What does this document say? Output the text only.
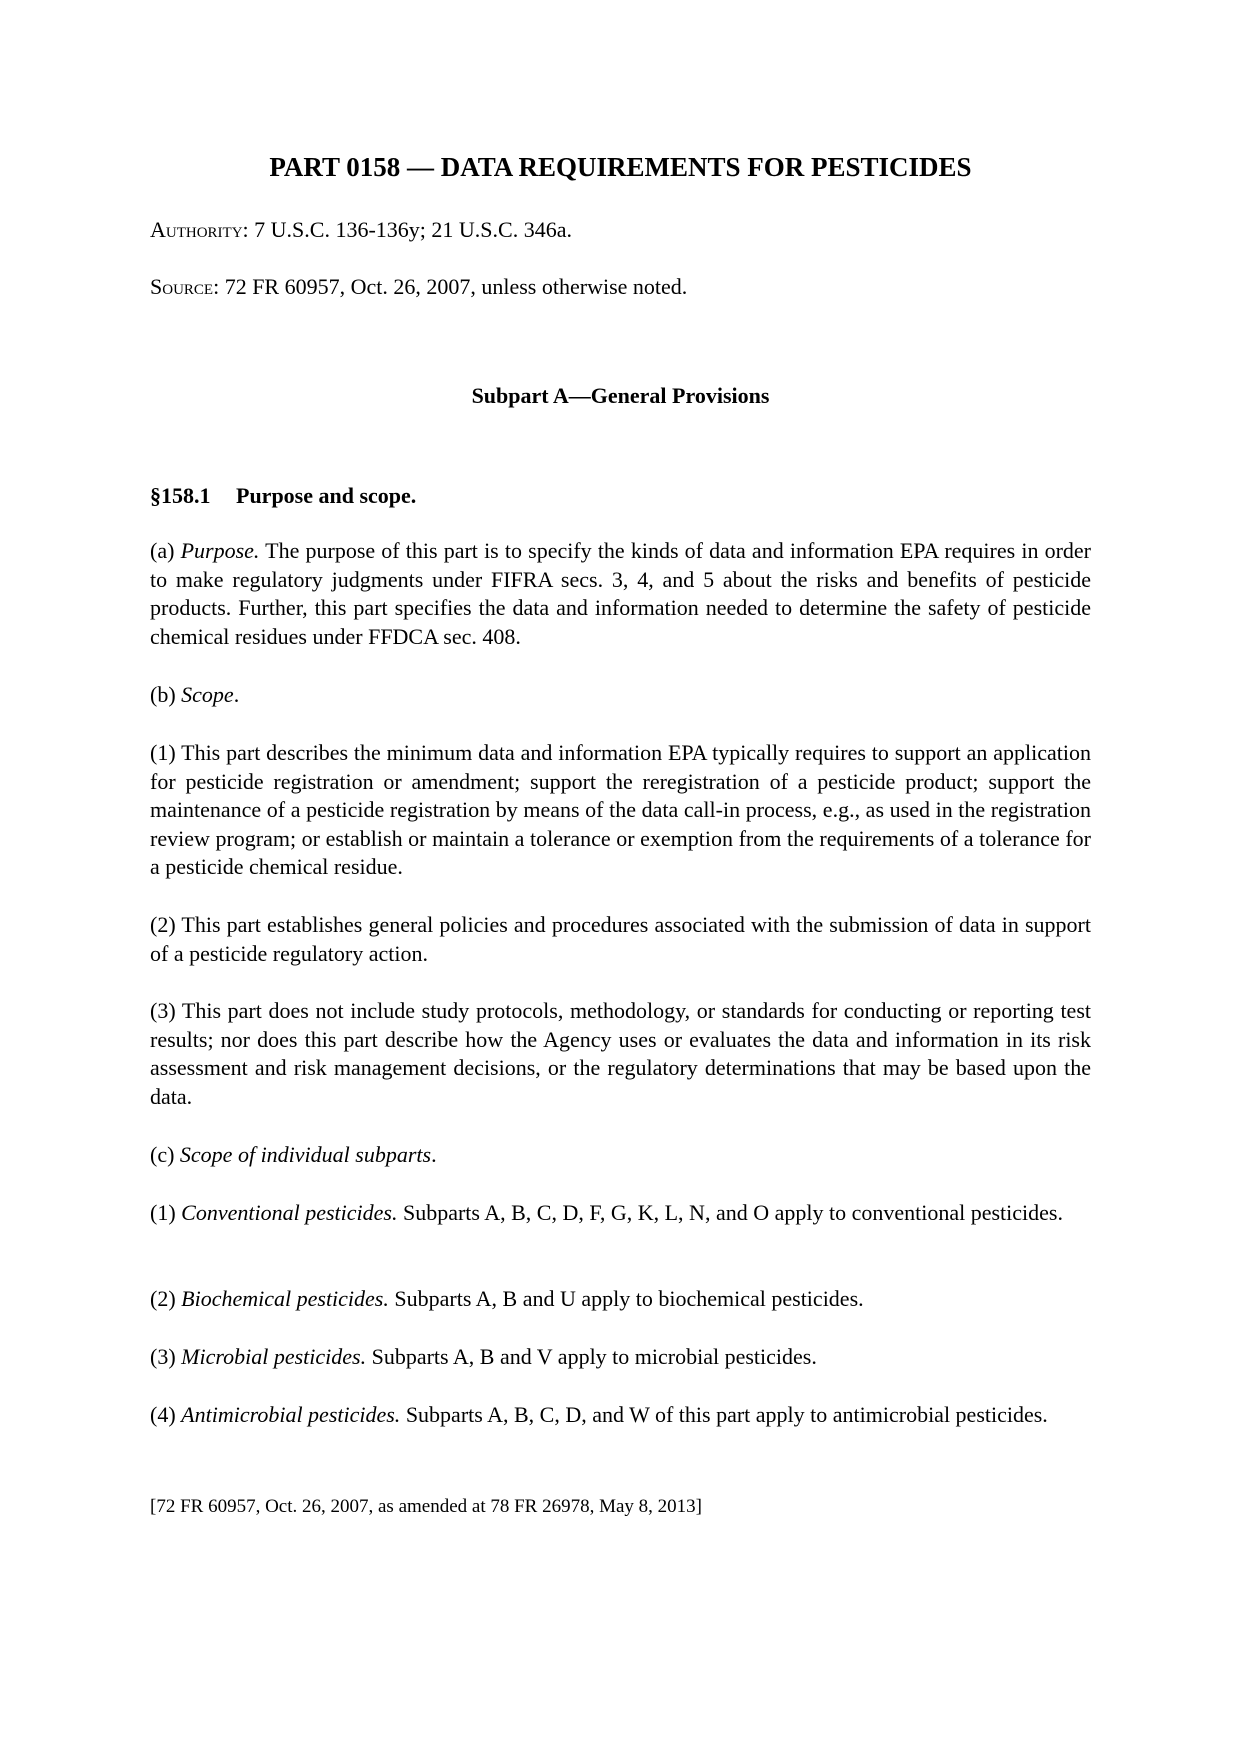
PART 0158 — DATA REQUIREMENTS FOR PESTICIDES

Authority: 7 U.S.C. 136-136y; 21 U.S.C. 346a.

Source: 72 FR 60957, Oct. 26, 2007, unless otherwise noted.

Subpart A—General Provisions
§158.1 Purpose and scope.

(a) Purpose. The purpose of this part is to specify the kinds of data and information EPA requires in order to make regulatory judgments under FIFRA secs. 3, 4, and 5 about the risks and benefits of pesticide products. Further, this part specifies the data and information needed to determine the safety of pesticide chemical residues under FFDCA sec. 408.

(b) Scope.

(1) This part describes the minimum data and information EPA typically requires to support an application for pesticide registration or amendment; support the reregistration of a pesticide product; support the maintenance of a pesticide registration by means of the data call-in process, e.g., as used in the registration review program; or establish or maintain a tolerance or exemption from the requirements of a tolerance for a pesticide chemical residue.

(2) This part establishes general policies and procedures associated with the submission of data in support of a pesticide regulatory action.

(3) This part does not include study protocols, methodology, or standards for conducting or reporting test results; nor does this part describe how the Agency uses or evaluates the data and information in its risk assessment and risk management decisions, or the regulatory determinations that may be based upon the data.

(c) Scope of individual subparts.

(1) Conventional pesticides. Subparts A, B, C, D, F, G, K, L, N, and O apply to conventional pesticides.

(2) Biochemical pesticides. Subparts A, B and U apply to biochemical pesticides.

(3) Microbial pesticides. Subparts A, B and V apply to microbial pesticides.

(4) Antimicrobial pesticides. Subparts A, B, C, D, and W of this part apply to antimicrobial pesticides.

[72 FR 60957, Oct. 26, 2007, as amended at 78 FR 26978, May 8, 2013]
